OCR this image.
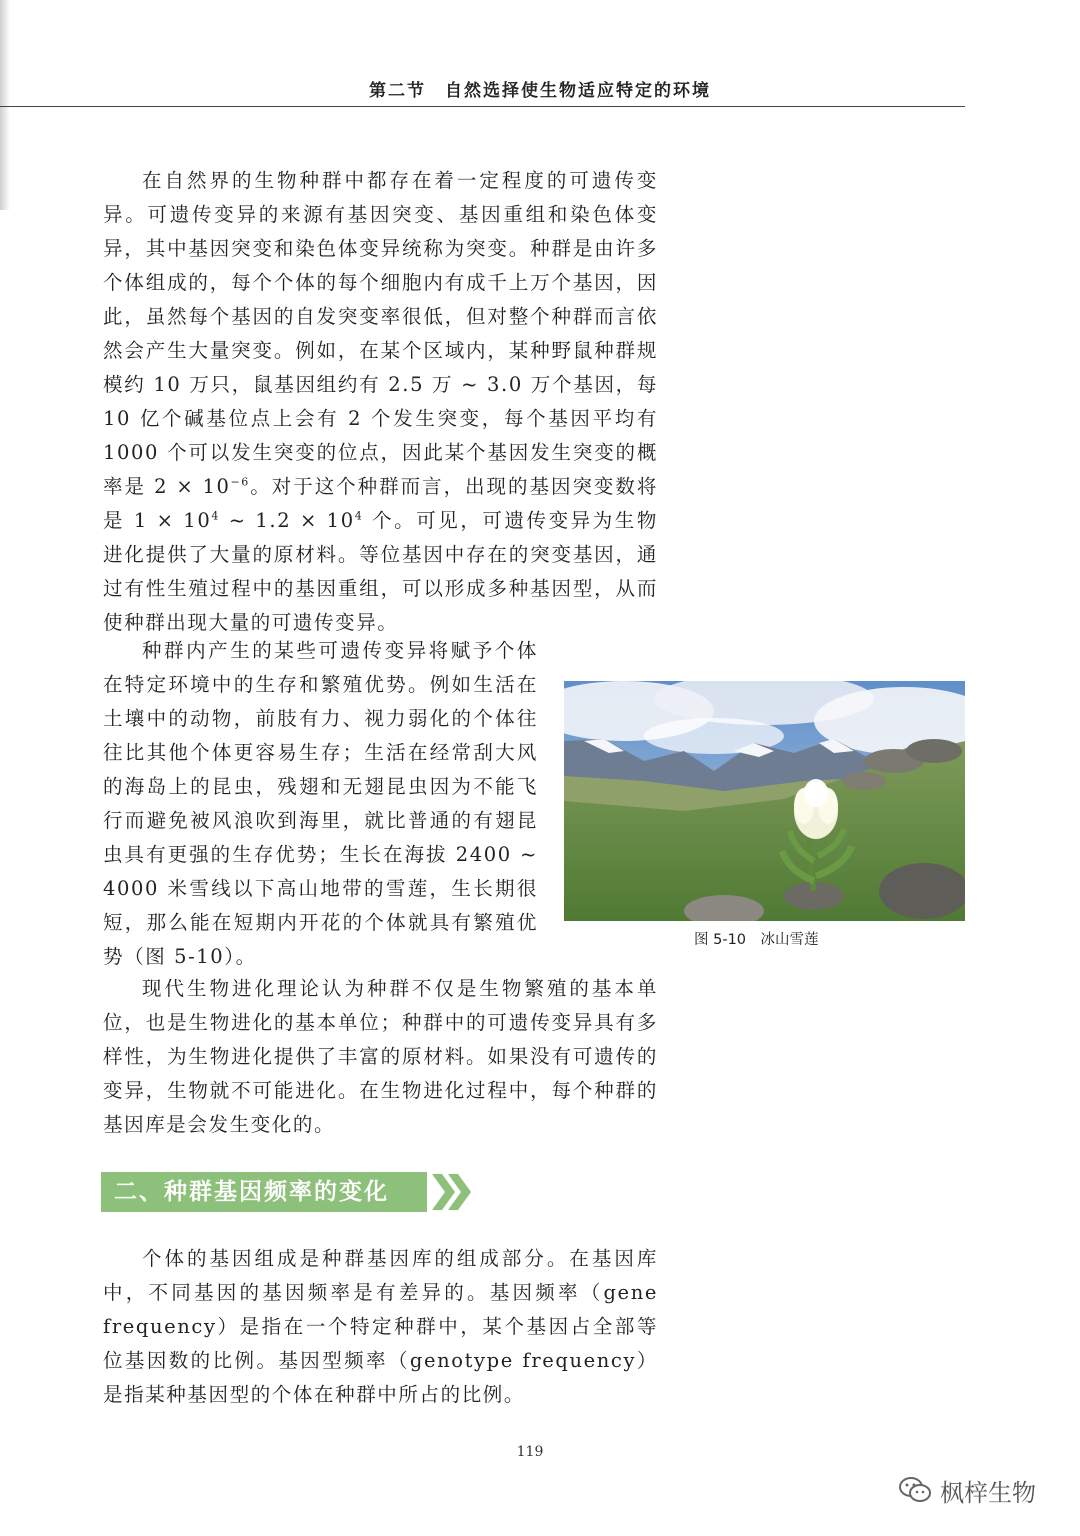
第二节　自然选择使生物适应特定的环境

在自然界的生物种群中都存在着一定程度的可遗传变异。可遗传变异的来源有基因突变、基因重组和染色体变异，其中基因突变和染色体变异统称为突变。种群是由许多个体组成的，每个个体的每个细胞内有成千上万个基因，因此，虽然每个基因的自发突变率很低，但对整个种群而言依然会产生大量突变。例如，在某个区域内，某种野鼠种群规模约 10 万只，鼠基因组约有 2.5 万 ~ 3.0 万个基因，每 10 亿个碱基位点上会有 2 个发生突变，每个基因平均有 1000 个可以发生突变的位点，因此某个基因发生突变的概率是 $2 \times 10^{-6}$。对于这个种群而言，出现的基因突变数将是 $1 \times 10^4$ ~ $1.2 \times 10^4$ 个。可见，可遗传变异为生物进化提供了大量的原材料。等位基因中存在的突变基因，通过有性生殖过程中的基因重组，可以形成多种基因型，从而使种群出现大量的可遗传变异。

种群内产生的某些可遗传变异将赋予个体在特定环境中的生存和繁殖优势。例如生活在土壤中的动物，前肢有力、视力弱化的个体往往比其他个体更容易生存；生活在经常刮大风的海岛上的昆虫，残翅和无翅昆虫因为不能飞行而避免被风浪吹到海里，就比普通的有翅昆虫具有更强的生存优势；生长在海拔 2400 ~ 4000 米雪线以下高山地带的雪莲，生长期很短，那么能在短期内开花的个体就具有繁殖优势（图 5-10）。

图 5-10　冰山雪莲

现代生物进化理论认为种群不仅是生物繁殖的基本单位，也是生物进化的基本单位；种群中的可遗传变异具有多样性，为生物进化提供了丰富的原材料。如果没有可遗传的变异，生物就不可能进化。在生物进化过程中，每个种群的基因库是会发生变化的。

二、种群基因频率的变化

个体的基因组成是种群基因库的组成部分。在基因库中，不同基因的基因频率是有差异的。基因频率（gene frequency）是指在一个特定种群中，某个基因占全部等位基因数的比例。基因型频率（genotype frequency）是指某种基因型的个体在种群中所占的比例。

119
枫梓生物
